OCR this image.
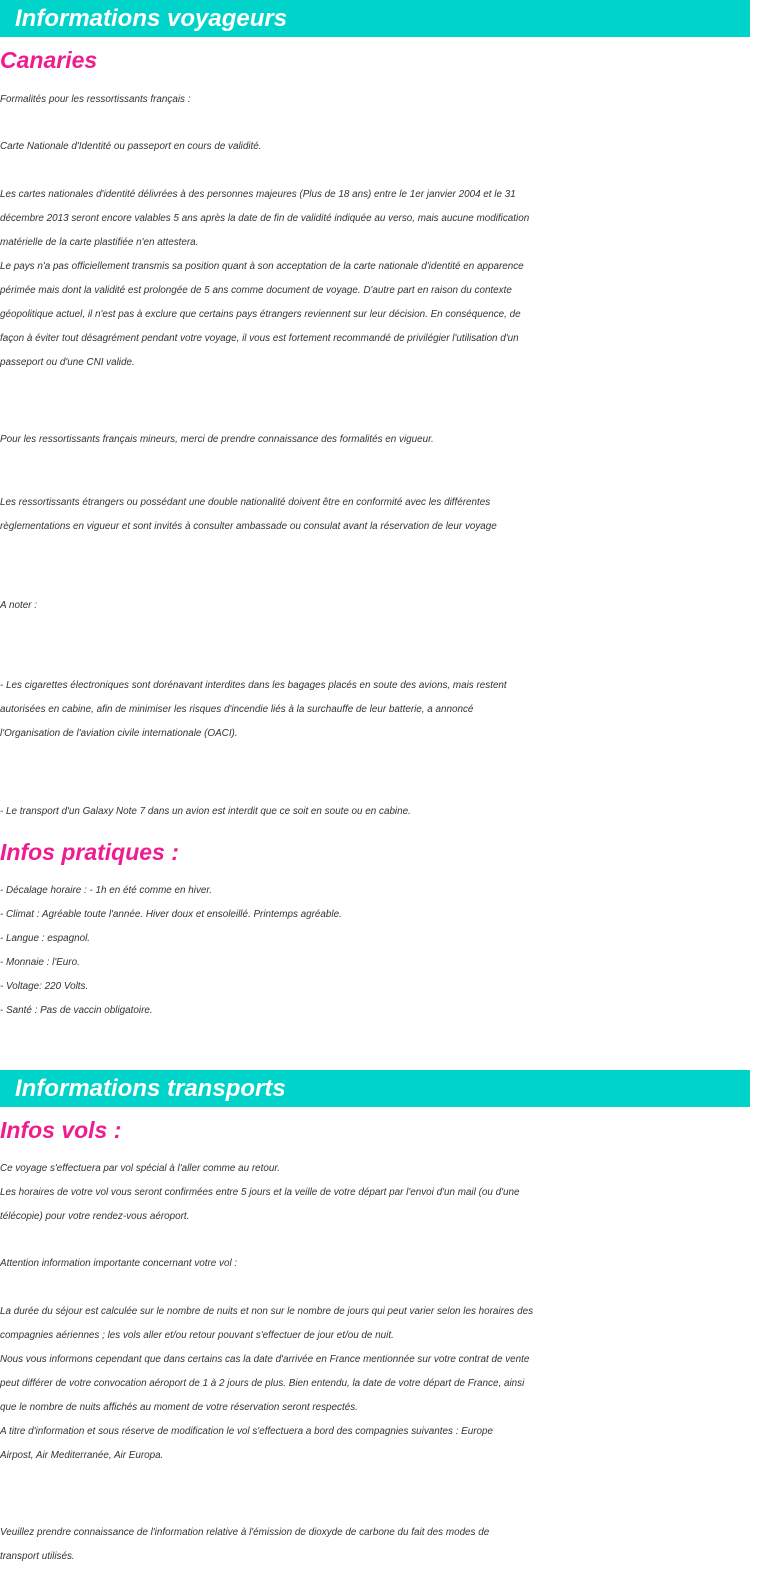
Informations voyageurs
Canaries
Formalités pour les ressortissants français :
Carte Nationale d'Identité ou passeport en cours de validité.
Les cartes nationales d'identité délivrées à des personnes majeures (Plus de 18 ans) entre le 1er janvier 2004 et le 31
décembre 2013 seront encore valables 5 ans après la date de fin de validité indiquée au verso, mais aucune modification
matérielle de la carte plastifiée n'en attestera.
Le pays n'a pas officiellement transmis sa position quant à son acceptation de la carte nationale d'identité en apparence
périmée mais dont la validité est prolongée de 5 ans comme document de voyage. D'autre part en raison du contexte
géopolitique actuel, il n'est pas à exclure que certains pays étrangers reviennent sur leur décision. En conséquence, de
façon à éviter tout désagrément pendant votre voyage, il vous est fortement recommandé de privilégier l'utilisation d'un
passeport ou d'une CNI valide.
Pour les ressortissants français mineurs, merci de prendre connaissance des formalités en vigueur.
Les ressortissants étrangers ou possédant une double nationalité doivent être en conformité avec les différentes
règlementations en vigueur et sont invités à consulter ambassade ou consulat avant la réservation de leur voyage
A noter :
- Les cigarettes électroniques sont dorénavant interdites dans les bagages placés en soute des avions, mais restent
autorisées en cabine, afin de minimiser les risques d'incendie liés à la surchauffe de leur batterie, a annoncé
l'Organisation de l'aviation civile internationale (OACI).
- Le transport d'un Galaxy Note 7 dans un avion est interdit que ce soit en soute ou en cabine.
Infos pratiques :
- Décalage horaire : - 1h en été comme en hiver.
- Climat : Agréable toute l'année. Hiver doux et ensoleillé. Printemps agréable.
- Langue : espagnol.
- Monnaie : l'Euro.
- Voltage: 220 Volts.
- Santé : Pas de vaccin obligatoire.
Informations transports
Infos vols :
Ce voyage s'effectuera par vol spécial à l'aller comme au retour.
Les horaires de votre vol vous seront confirmées entre 5 jours et la veille de votre départ par l'envoi d'un mail (ou d'une
télécopie) pour votre rendez-vous aéroport.
Attention information importante concernant votre vol :
La durée du séjour est calculée sur le nombre de nuits et non sur le nombre de jours qui peut varier selon les horaires des
compagnies aériennes ; les vols aller et/ou retour pouvant s'effectuer de jour et/ou de nuit.
Nous vous informons cependant que dans certains cas la date d'arrivée en France mentionnée sur votre contrat de vente
peut différer de votre convocation aéroport de 1 à 2 jours de plus. Bien entendu, la date de votre départ de France, ainsi
que le nombre de nuits affichés au moment de votre réservation seront respectés.
A titre d'information et sous réserve de modification le vol s'effectuera a bord des compagnies suivantes : Europe
Airpost, Air Mediterranée, Air Europa.
Veuillez prendre connaissance de l'information relative à l'émission de dioxyde de carbone du fait des modes de
transport utilisés.
